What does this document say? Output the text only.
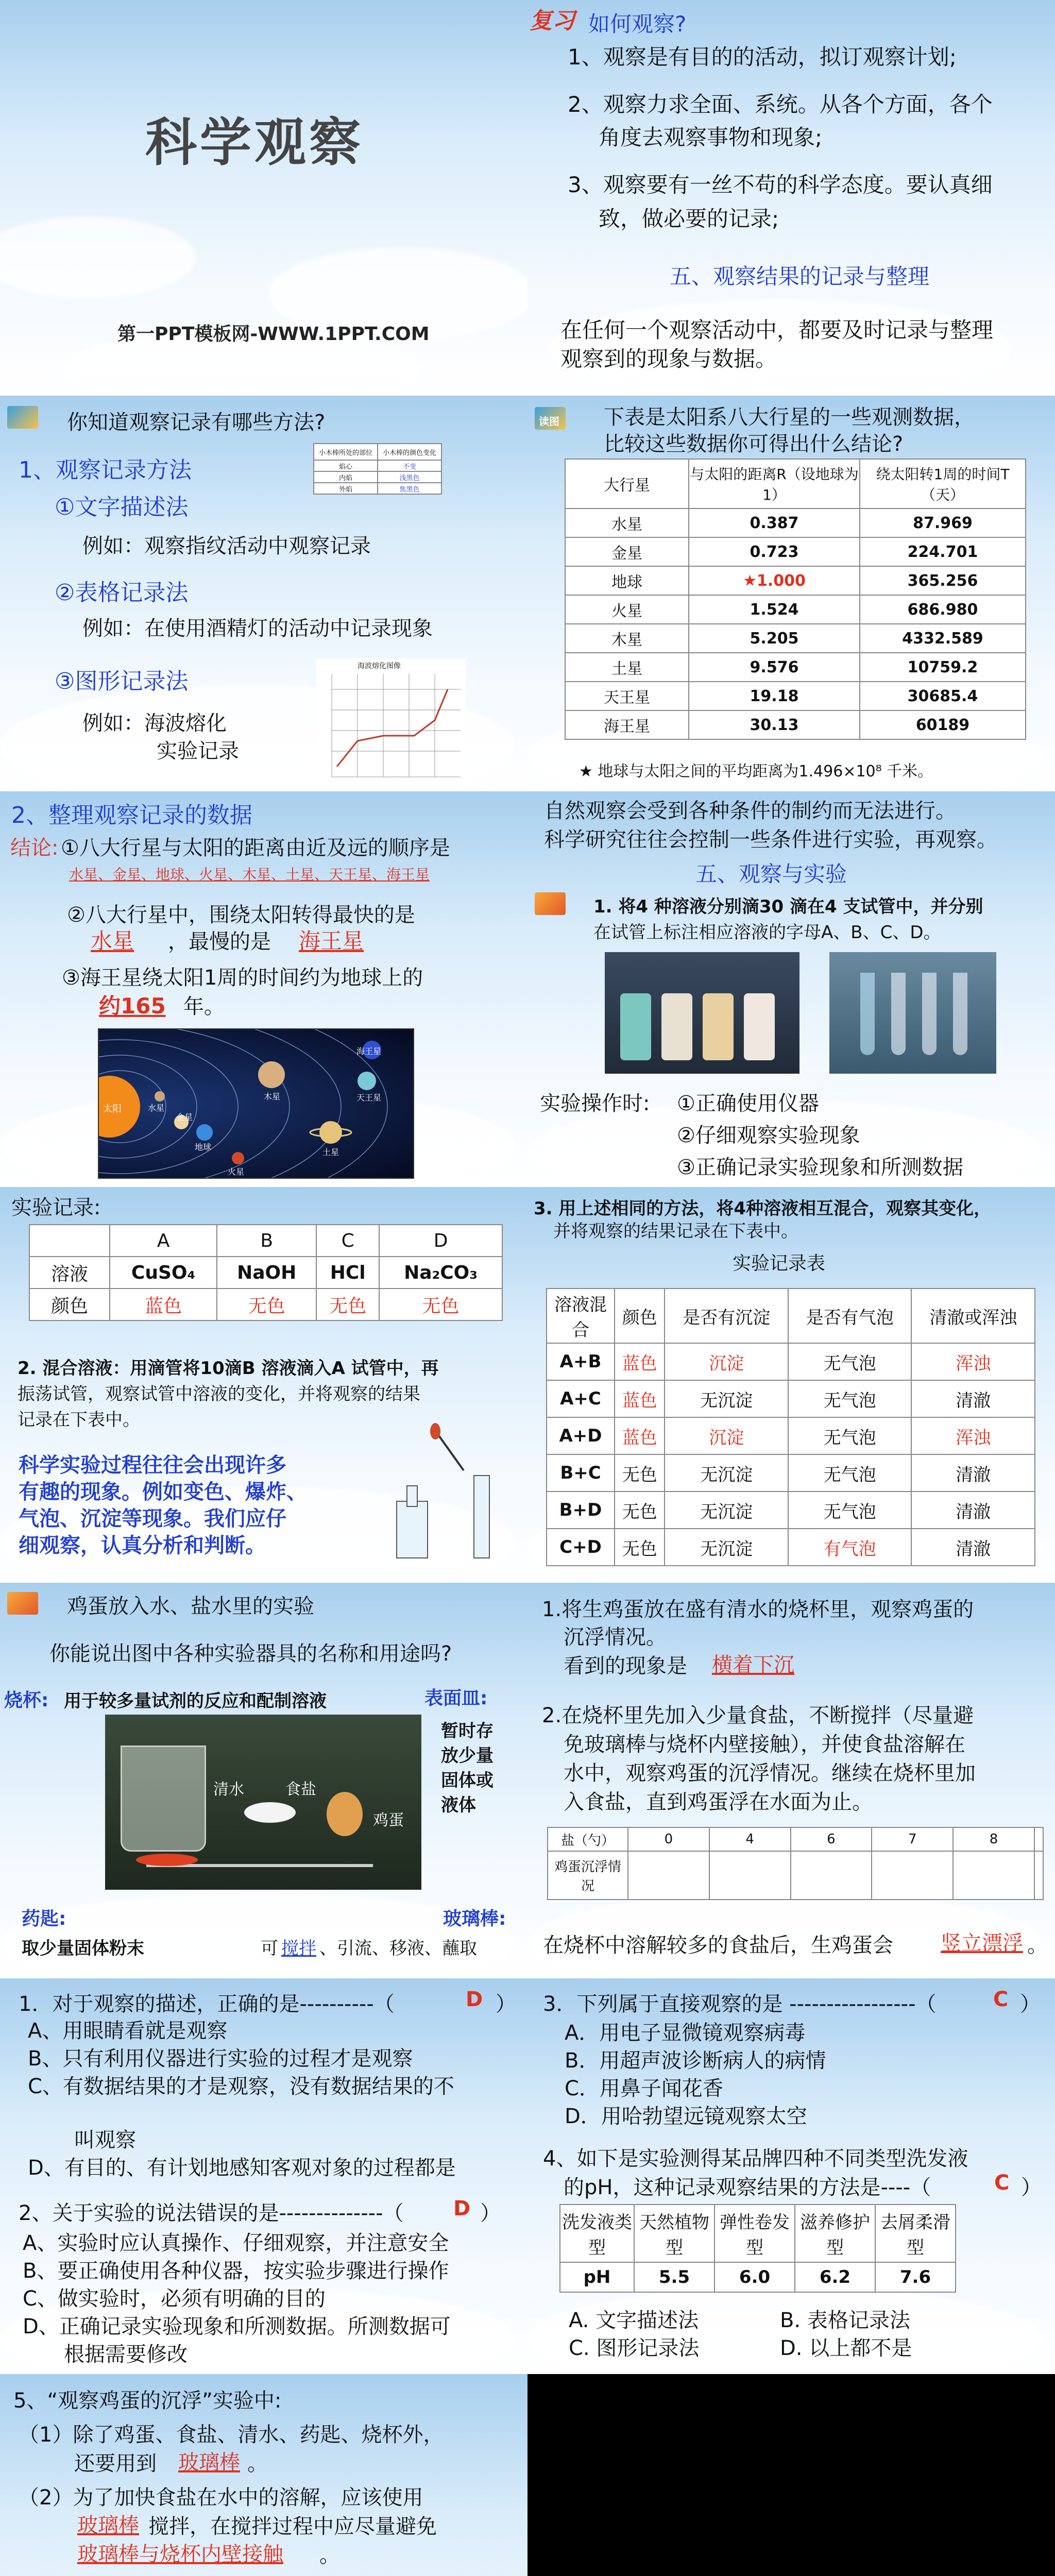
科学观察
第一PPT模板网-WWW.1PPT.COM
复习 如何观察?
1、观察是有目的的活动，拟订观察计划;
2、观察力求全面、系统。从各个方面，各个
角度去观察事物和现象;
3、观察要有一丝不苟的科学态度。要认真细
致，做必要的记录;
五、观察结果的记录与整理
在任何一个观察活动中，都要及时记录与整理
观察到的现象与数据。
你知道观察记录有哪些方法?
1、观察记录方法
①文字描述法
例如：观察指纹活动中观察记录
②表格记录法
例如：在使用酒精灯的活动中记录现象
③图形记录法
例如：海波熔化
实验记录
小木棒所处的部位	小木棒的颜色变化
焰心	不变
内焰	浅黑色
外焰	焦黑色
海波熔化图像
读图 下表是太阳系八大行星的一些观测数据，
比较这些数据你可得出什么结论?
大行星	与太阳的距离R（设地球为1）	绕太阳转1周的时间T（天）
水星	0.387	87.969
金星	0.723	224.701
地球	★1.000	365.256
火星	1.524	686.980
木星	5.205	4332.589
土星	9.576	10759.2
天王星	19.18	30685.4
海王星	30.13	60189
★ 地球与太阳之间的平均距离为1.496×10⁸ 千米。
2、整理观察记录的数据
结论: ①八大行星与太阳的距离由近及远的顺序是
水星、金星、地球、火星、木星、土星、天王星、海王星
②八大行星中，围绕太阳转得最快的是
水星 ，最慢的是 海王星
③海王星绕太阳1周的时间约为地球上的
约165 年。
太阳	水星
金星
地球
火星
木星
土星
天王星
海王星
自然观察会受到各种条件的制约而无法进行。
科学研究往往会控制一些条件进行实验，再观察。
五、观察与实验
1. 将4 种溶液分别滴30 滴在4 支试管中，并分别
在试管上标注相应溶液的字母A、B、C、D。
实验操作时: ①正确使用仪器
②仔细观察实验现象
③正确记录实验现象和所测数据
实验记录:
	A	B	C	D
溶液	CuSO₄	NaOH	HCl	Na₂CO₃
颜色	蓝色	无色	无色	无色
2. 混合溶液：用滴管将10滴B 溶液滴入A 试管中，再
振荡试管，观察试管中溶液的变化，并将观察的结果
记录在下表中。
科学实验过程往往会出现许多
有趣的现象。例如变色、爆炸、
气泡、沉淀等现象。我们应仔
细观察，认真分析和判断。
3. 用上述相同的方法，将4种溶液相互混合，观察其变化，
并将观察的结果记录在下表中。
实验记录表
溶液混合	颜色	是否有沉淀	是否有气泡	清澈或浑浊
A+B	蓝色	沉淀	无气泡	浑浊
A+C	蓝色	无沉淀	无气泡	清澈
A+D	蓝色	沉淀	无气泡	浑浊
B+C	无色	无沉淀	无气泡	清澈
B+D	无色	无沉淀	无气泡	清澈
C+D	无色	无沉淀	有气泡	清澈
鸡蛋放入水、盐水里的实验
你能说出图中各种实验器具的名称和用途吗?
烧杯: 用于较多量试剂的反应和配制溶液	表面皿:
暂时存
放少量
固体或
液体
清水	食盐
鸡蛋
药匙:
取少量固体粉末
玻璃棒:
可 搅拌 、引流、移液、蘸取
1.将生鸡蛋放在盛有清水的烧杯里，观察鸡蛋的
沉浮情况。
看到的现象是 横着下沉
2.在烧杯里先加入少量食盐，不断搅拌（尽量避
免玻璃棒与烧杯内壁接触），并使食盐溶解在
水中，观察鸡蛋的沉浮情况。继续在烧杯里加
入食盐，直到鸡蛋浮在水面为止。
盐（勺）	0	4	6	7	8	
鸡蛋沉浮情况						
在烧杯中溶解较多的食盐后，生鸡蛋会 竖立漂浮 。
1．对于观察的描述，正确的是----------（	D ）
A、用眼睛看就是观察
B、只有利用仪器进行实验的过程才是观察
C、有数据结果的才是观察，没有数据结果的不
叫观察
D、有目的、有计划地感知客观对象的过程都是
2、关于实验的说法错误的是--------------（ D ）
A、实验时应认真操作、仔细观察，并注意安全
B、要正确使用各种仪器，按实验步骤进行操作
C、做实验时，必须有明确的目的
D、正确记录实验现象和所测数据。所测数据可
根据需要修改
3．下列属于直接观察的是 -----------------（	C ）
A．用电子显微镜观察病毒
B．用超声波诊断病人的病情
C．用鼻子闻花香
D．用哈勃望远镜观察太空
4、如下是实验测得某品牌四种不同类型洗发液
的pH，这种记录观察结果的方法是----（	C ）
洗发液类型	天然植物型	弹性卷发型	滋养修护型	去屑柔滑型
pH	5.5	6.0	6.2	7.6
A. 文字描述法	B. 表格记录法
C. 图形记录法	D. 以上都不是
5、“观察鸡蛋的沉浮”实验中:
（1）除了鸡蛋、食盐、清水、药匙、烧杯外，
还要用到 玻璃棒 。
（2）为了加快食盐在水中的溶解，应该使用
玻璃棒 搅拌，在搅拌过程中应尽量避免
玻璃棒与烧杯内壁接触 。
